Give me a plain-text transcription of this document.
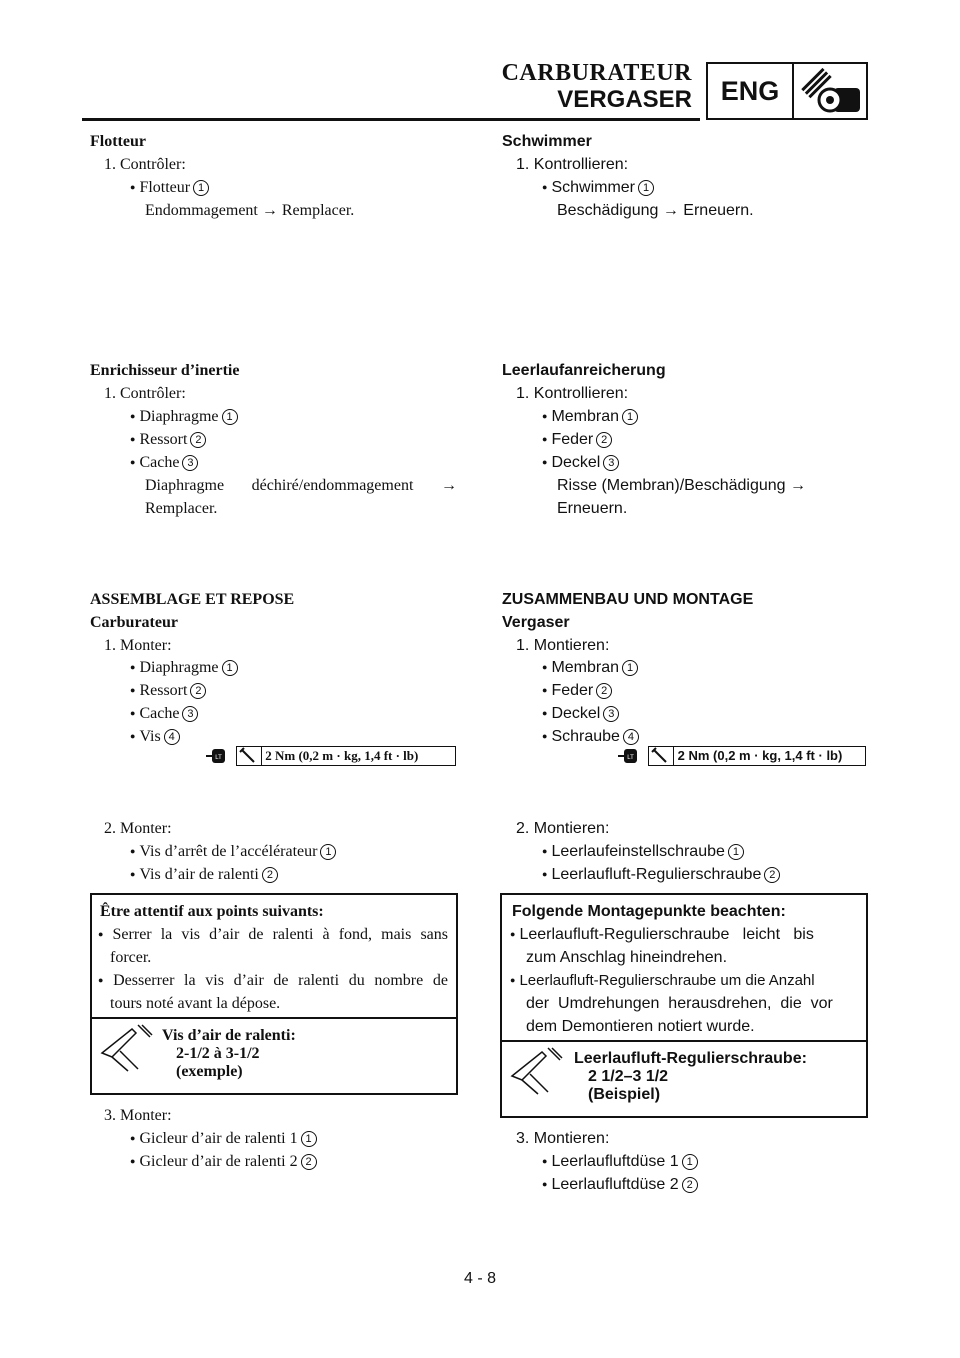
CARBURATEUR
VERGASER	ENG
Flotteur
1. Contrôler:
● Flotteur 1
Endommagement → Remplacer.
Enrichisseur d’inertie
1. Contrôler:
● Diaphragme 1
● Ressort 2
● Cache 3
Diaphragme déchiré/endommagement →
Remplacer.
ASSEMBLAGE ET REPOSE
Carburateur
1. Monter:
● Diaphragme 1
● Ressort 2
● Cache 3
● Vis 4
LT	2 Nm (0,2 m · kg, 1,4 ft · lb)
2. Monter:
● Vis d’arrêt de l’accélérateur 1
● Vis d’air de ralenti 2
Être attentif aux points suivants:
● Serrer la vis d’air de ralenti à fond, mais sans
forcer.
● Desserrer la vis d’air de ralenti du nombre de
tours noté avant la dépose.
Vis d’air de ralenti:
2-1/2 à 3-1/2
(exemple)
3. Monter:
● Gicleur d’air de ralenti 1 1
● Gicleur d’air de ralenti 2 2
Schwimmer
1. Kontrollieren:
● Schwimmer 1
Beschädigung → Erneuern.
Leerlaufanreicherung
1. Kontrollieren:
● Membran 1
● Feder 2
● Deckel 3
Risse (Membran)/Beschädigung →
Erneuern.
ZUSAMMENBAU UND MONTAGE
Vergaser
1. Montieren:
● Membran 1
● Feder 2
● Deckel 3
● Schraube 4
LT	2 Nm (0,2 m · kg, 1,4 ft · lb)
2. Montieren:
● Leerlaufeinstellschraube 1
● Leerlaufluft-Regulierschraube 2
Folgende Montagepunkte beachten:
● Leerlaufluft-Regulierschraube   leicht   bis
zum Anschlag hineindrehen.
● Leerlaufluft-Regulierschraube um die Anzahl
der  Umdrehungen  herausdrehen,  die  vor
dem Demontieren notiert wurde.
Leerlaufluft-Regulierschraube:
2 1/2–3 1/2
(Beispiel)
3. Montieren:
● Leerlaufluftdüse 1 1
● Leerlaufluftdüse 2 2
4 - 8
